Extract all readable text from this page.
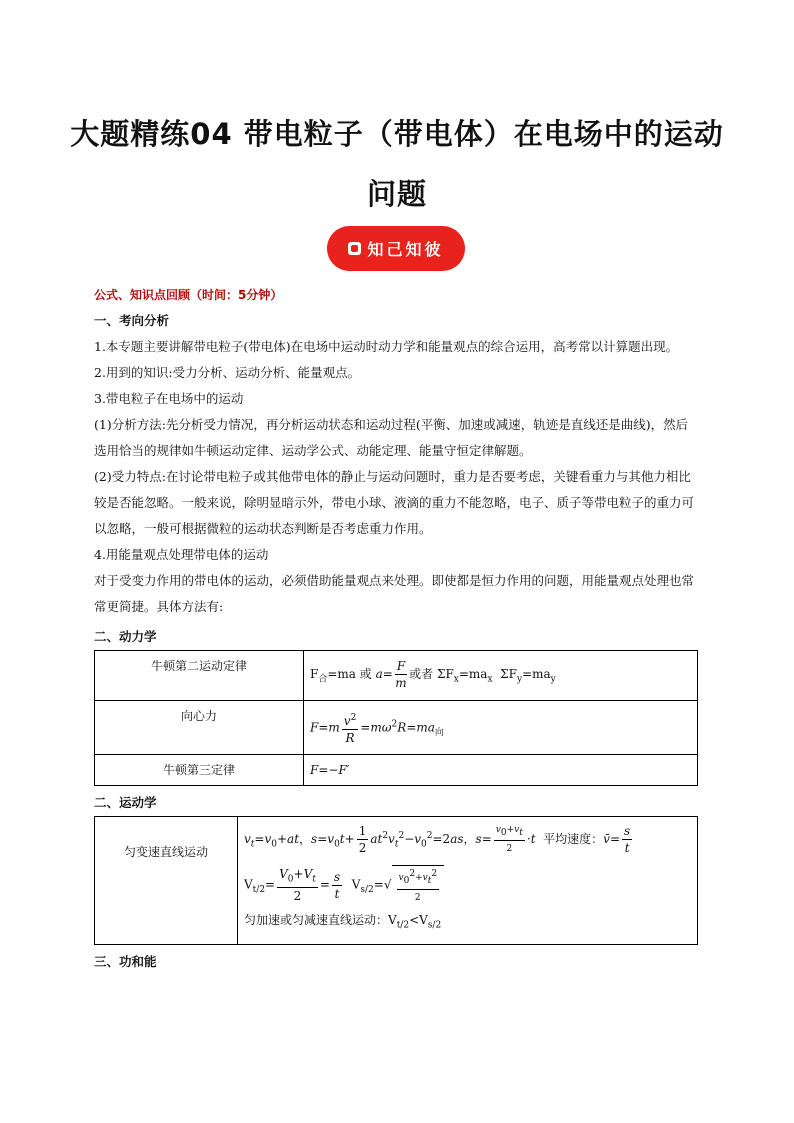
大题精练04 带电粒子（带电体）在电场中的运动
问题
知己知彼

公式、知识点回顾（时间：5分钟）

一、考向分析

1.本专题主要讲解带电粒子(带电体)在电场中运动时动力学和能量观点的综合运用，高考常以计算题出现。

2.用到的知识:受力分析、运动分析、能量观点。

3.带电粒子在电场中的运动

(1)分析方法:先分析受力情况，再分析运动状态和运动过程(平衡、加速或减速，轨迹是直线还是曲线)，然后选用恰当的规律如牛顿运动定律、运动学公式、动能定理、能量守恒定律解题。

(2)受力特点:在讨论带电粒子或其他带电体的静止与运动问题时，重力是否要考虑，关键看重力与其他力相比较是否能忽略。一般来说，除明显暗示外，带电小球、液滴的重力不能忽略，电子、质子等带电粒子的重力可以忽略，一般可根据微粒的运动状态判断是否考虑重力作用。

4.用能量观点处理带电体的运动

对于受变力作用的带电体的运动，必须借助能量观点来处理。即使都是恒力作用的问题，用能量观点处理也常常更简捷。具体方法有:

二、动力学

牛顿第二运动定律	$F_合=ma$ 或 $a= \frac{F}{m}$ 或者 $\Sigma F_x=ma_x$  $\Sigma F_y=ma_y$
向心力	$F=m \frac{v^2}{R} =m\omega^2R=ma_向$
牛顿第三定律	F=−F′

二、运动学

匀变速直线运动	
$v_t=v_0+at$，$s=v_0t+ \frac{1}{2} at^2v_t^2-v_0^2=2as$，$s= \frac{v_0+v_t}{2} \cdot t$ 平均速度：v̄= $\frac{s}{t}$
$V_{t/2}= \frac{V_0+V_t}{2} = \frac{s}{t} V_{s/2}=√ \frac{v_0^2+v_t^2}{2}$
匀加速或匀减速直线运动：$V_{t/2}<V_{s/2}$

三、功和能
